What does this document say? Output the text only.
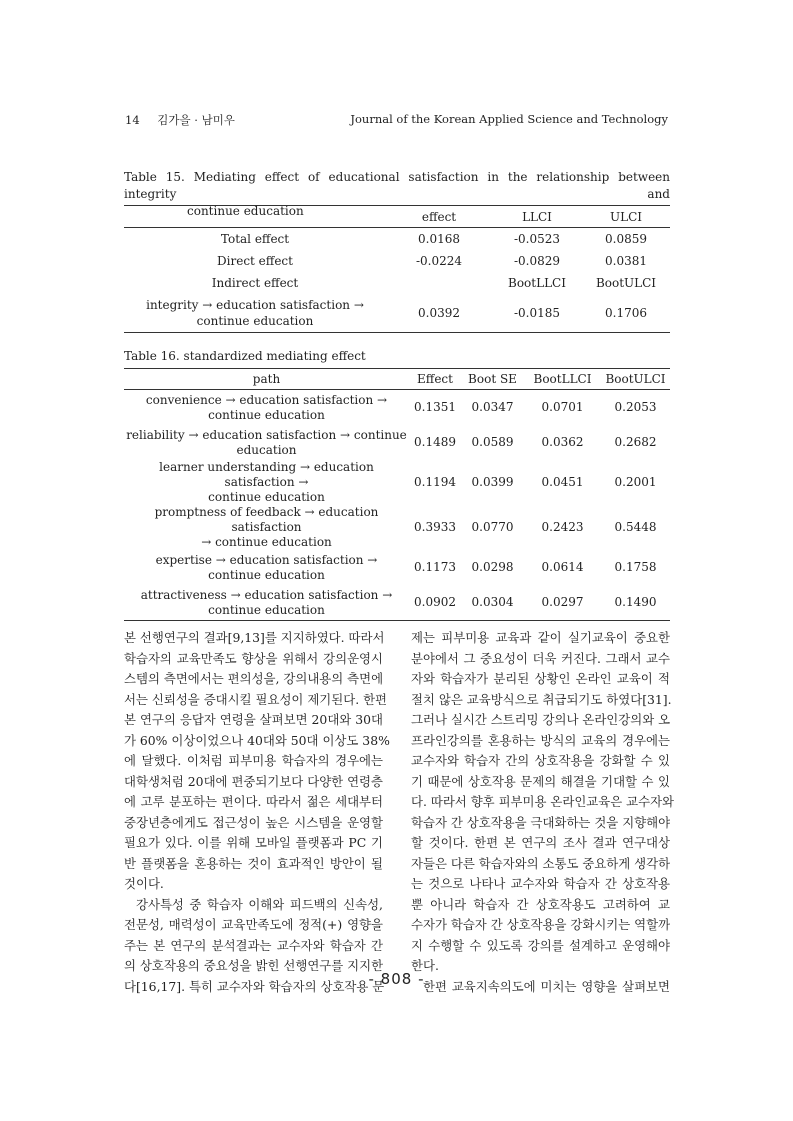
14 김가을 · 남미우	Journal of the Korean Applied Science and Technology
Table 15. Mediating effect of educational satisfaction in the relationship between integrity and
continue education
		effect	LLCI	ULCI
Total effect	0.0168	-0.0523	0.0859
Direct effect	-0.0224	-0.0829	0.0381
Indirect effect		BootLLCI	BootULCI

integrity → education satisfaction →
continue education	0.0392	-0.0185	0.1706
Table 16. standardized mediating effect
path	Effect	Boot SE	BootLLCI	BootULCI

convenience → education satisfaction →
continue education	0.1351	0.0347	0.0701	0.2053

reliability → education satisfaction → continue
education	0.1489	0.0589	0.0362	0.2682

learner understanding → education satisfaction →
continue education	0.1194	0.0399	0.0451	0.2001

promptness of feedback → education satisfaction
→ continue education	0.3933	0.0770	0.2423	0.5448

expertise → education satisfaction →
continue education	0.1173	0.0298	0.0614	0.1758

attractiveness → education satisfaction →
continue education	0.0902	0.0304	0.0297	0.1490

본 선행연구의 결과[9,13]를 지지하였다. 따라서

학습자의 교육만족도 향상을 위해서 강의운영시

스템의 측면에서는 편의성을, 강의내용의 측면에

서는 신뢰성을 증대시킬 필요성이 제기된다. 한편

본 연구의 응답자 연령을 살펴보면 20대와 30대

가 60% 이상이었으나 40대와 50대 이상도 38%

에 달했다. 이처럼 피부미용 학습자의 경우에는

대학생처럼 20대에 편중되기보다 다양한 연령층

에 고루 분포하는 편이다. 따라서 젊은 세대부터

중장년층에게도 접근성이 높은 시스템을 운영할

필요가 있다. 이를 위해 모바일 플랫폼과 PC 기

반 플랫폼을 혼용하는 것이 효과적인 방안이 될

것이다.

강사특성 중 학습자 이해와 피드백의 신속성,

전문성, 매력성이 교육만족도에 정적(+) 영향을

주는 본 연구의 분석결과는 교수자와 학습자 간

의 상호작용의 중요성을 밝힌 선행연구를 지지한

다[16,17]. 특히 교수자와 학습자의 상호작용 문

제는 피부미용 교육과 같이 실기교육이 중요한

분야에서 그 중요성이 더욱 커진다. 그래서 교수

자와 학습자가 분리된 상황인 온라인 교육이 적

절치 않은 교육방식으로 취급되기도 하였다[31].

그러나 실시간 스트리밍 강의나 온라인강의와 오

프라인강의를 혼용하는 방식의 교육의 경우에는

교수자와 학습자 간의 상호작용을 강화할 수 있

기 때문에 상호작용 문제의 해결을 기대할 수 있

다. 따라서 향후 피부미용 온라인교육은 교수자와

학습자 간 상호작용을 극대화하는 것을 지향해야

할 것이다. 한편 본 연구의 조사 결과 연구대상

자들은 다른 학습자와의 소통도 중요하게 생각하

는 것으로 나타나 교수자와 학습자 간 상호작용

뿐 아니라 학습자 간 상호작용도 고려하여 교

수자가 학습자 간 상호작용을 강화시키는 역할까

지 수행할 수 있도록 강의를 설계하고 운영해야

한다.

한편 교육지속의도에 미치는 영향을 살펴보면

- 808 -
